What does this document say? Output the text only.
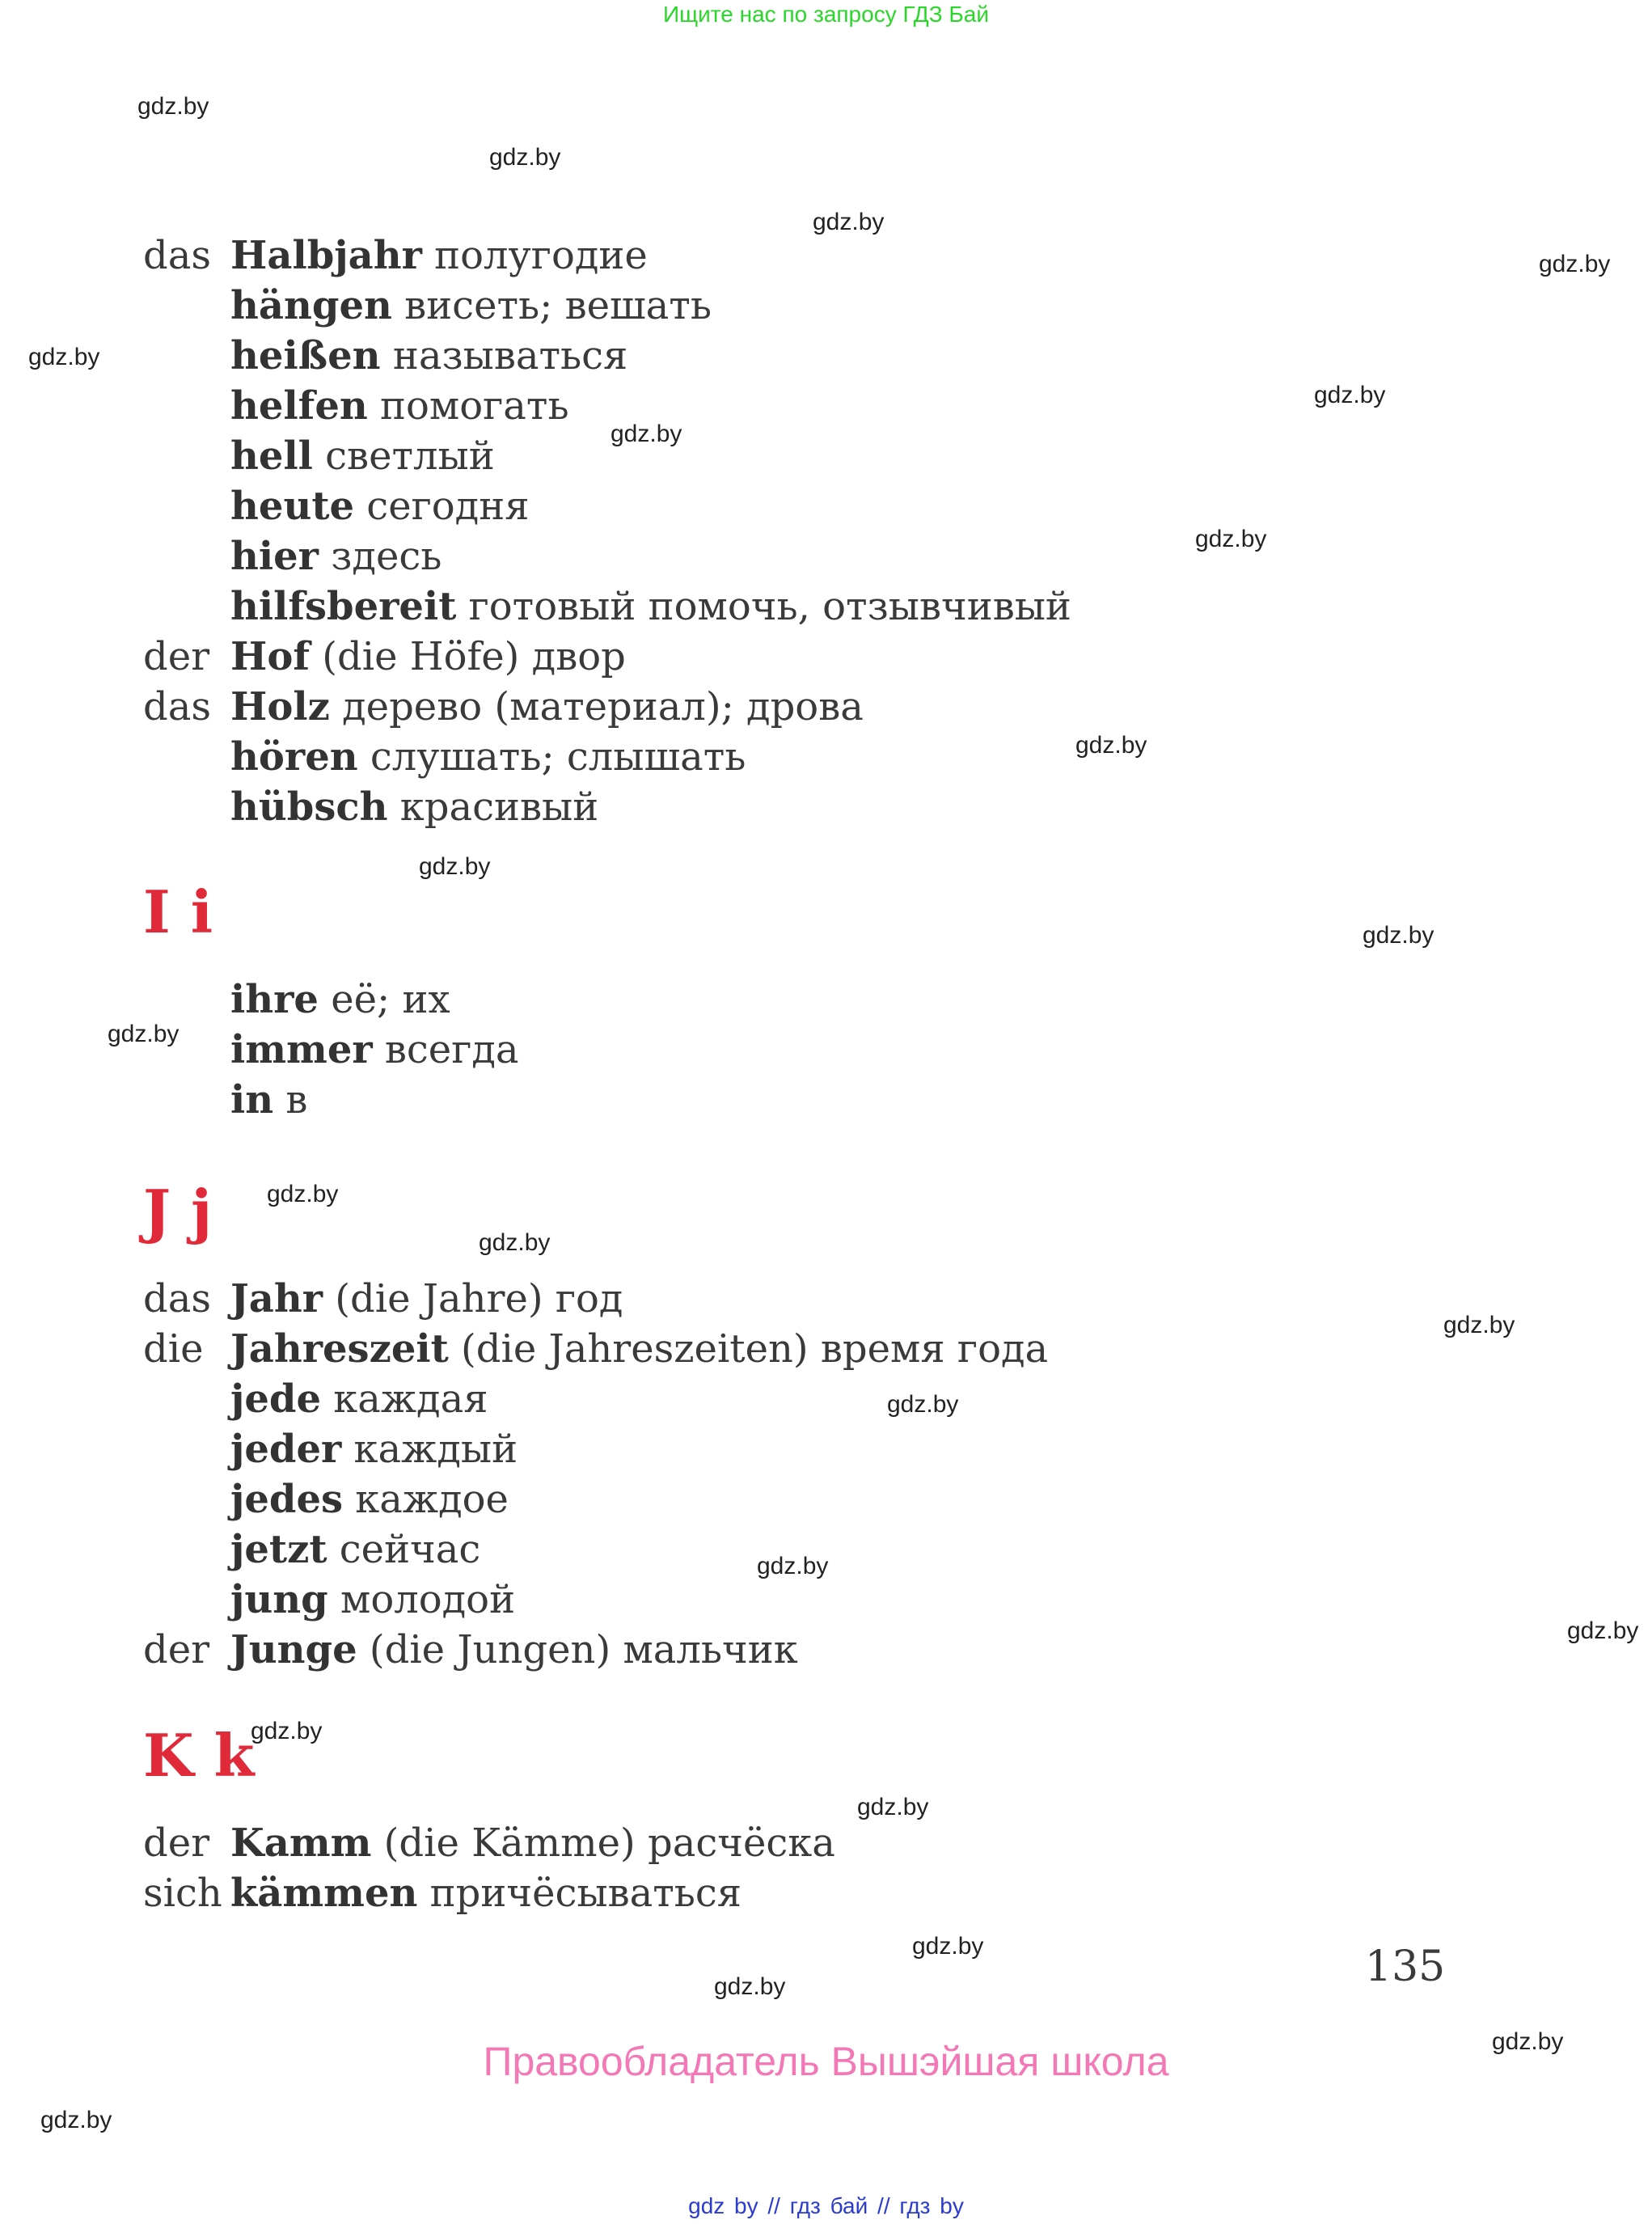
Ищите нас по запросу ГДЗ Бай
gdz.by
gdz.by
gdz.by
gdz.by
gdz.by
gdz.by
gdz.by
gdz.by
gdz.by
gdz.by
gdz.by
gdz.by
gdz.by
gdz.by
gdz.by
gdz.by
gdz.by
gdz.by
gdz.by
gdz.by
gdz.by
gdz.by
gdz.by
gdz.by
das Halbjahr полугодие
hängen висеть; вешать
heißen называться
helfen помогать
hell светлый
heute сегодня
hier здесь
hilfsbereit готовый помочь, отзывчивый
der Hof (die Höfe) двор
das Holz дерево (материал); дрова
hören слушать; слышать
hübsch красивый
I i
ihre её; их
immer всегда
in в
J j
das Jahr (die Jahre) год
die Jahreszeit (die Jahreszeiten) время года
jede каждая
jeder каждый
jedes каждое
jetzt сейчас
jung молодой
der Junge (die Jungen) мальчик
K k
der Kamm (die Kämme) расчёска
sich kämmen причёсываться
135
Правообладатель Вышэйшая школа
gdz by // гдз бай // гдз by
